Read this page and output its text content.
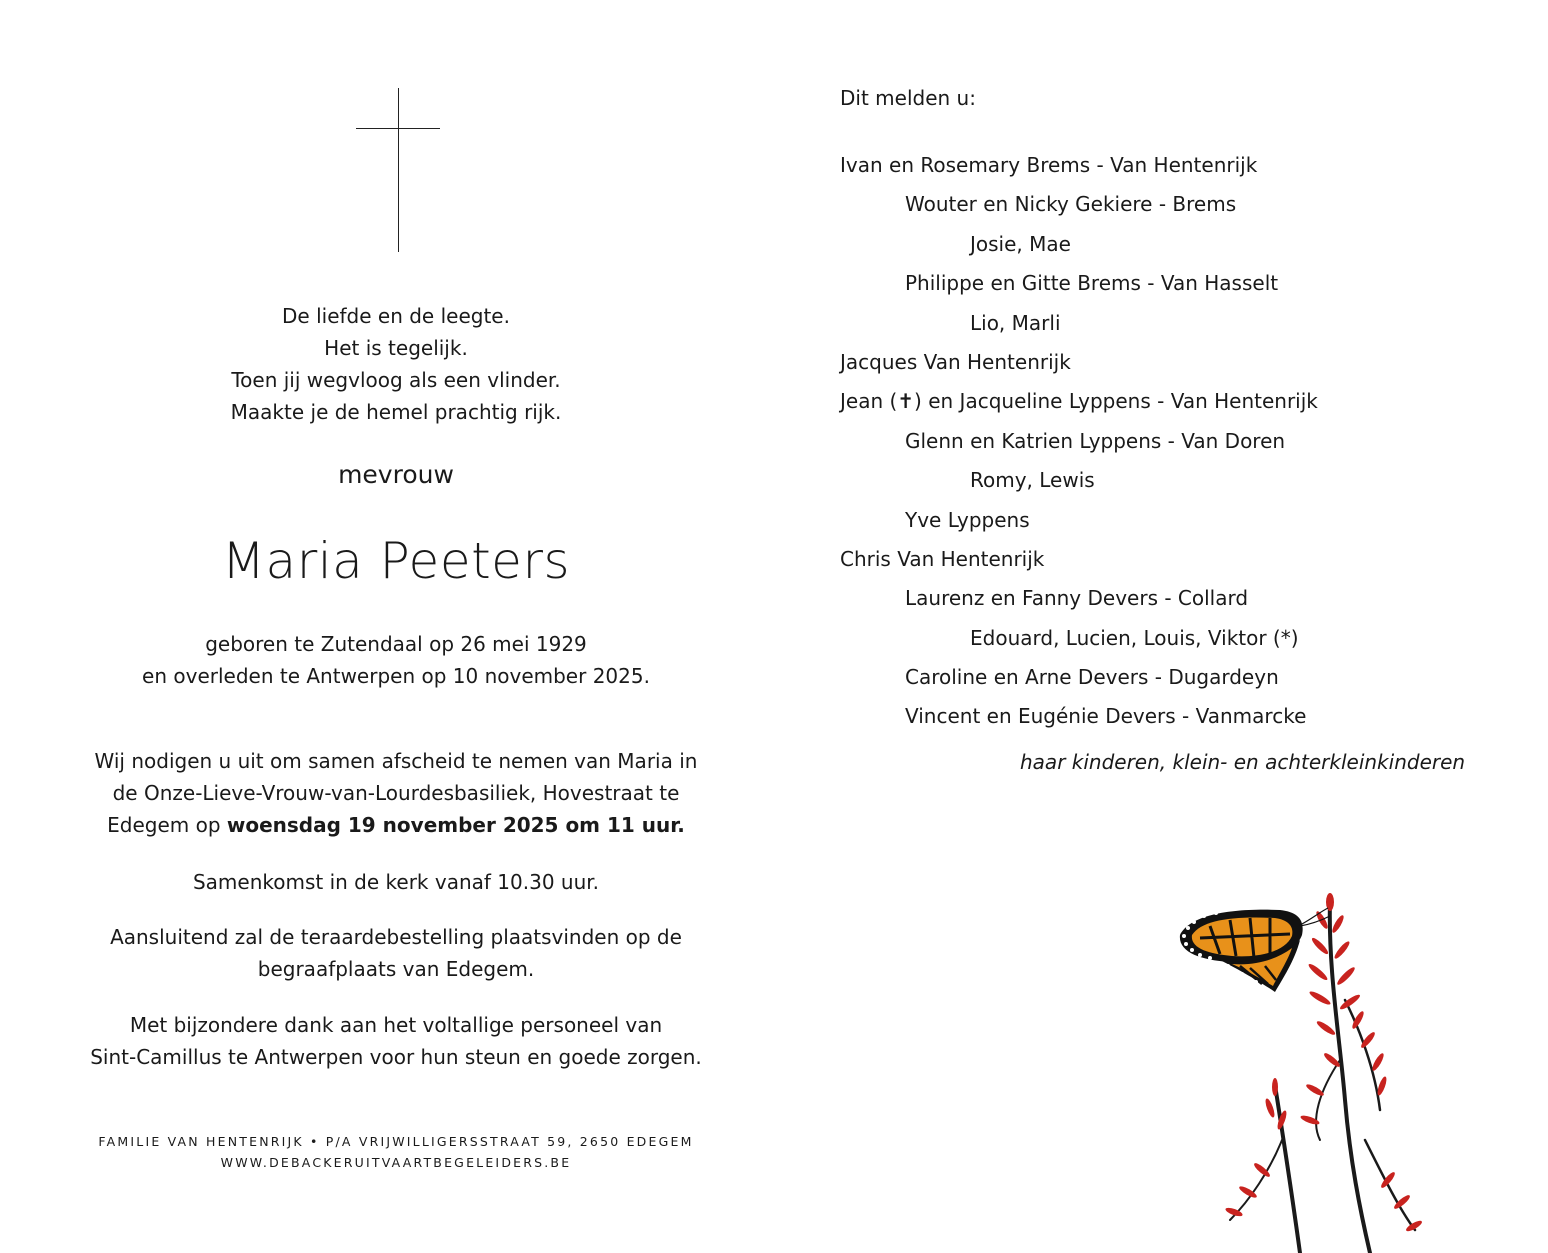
De liefde en de leegte.
Het is tegelijk.
Toen jij wegvloog als een vlinder.
Maakte je de hemel prachtig rijk.
mevrouw
Maria Peeters
geboren te Zutendaal op 26 mei 1929
en overleden te Antwerpen op 10 november 2025.
Wij nodigen u uit om samen afscheid te nemen van Maria in
de Onze-Lieve-Vrouw-van-Lourdesbasiliek, Hovestraat te
Edegem op woensdag 19 november 2025 om 11 uur.
Samenkomst in de kerk vanaf 10.30 uur.
Aansluitend zal de teraardebestelling plaatsvinden op de
begraafplaats van Edegem.
Met bijzondere dank aan het voltallige personeel van
Sint-Camillus te Antwerpen voor hun steun en goede zorgen.
FAMILIE VAN HENTENRIJK • P/A VRIJWILLIGERSSTRAAT 59, 2650 EDEGEM
WWW.DEBACKERUITVAARTBEGELEIDERS.BE
Dit melden u:
Ivan en Rosemary Brems - Van Hentenrijk
Wouter en Nicky Gekiere - Brems
Josie, Mae
Philippe en Gitte Brems - Van Hasselt
Lio, Marli
Jacques Van Hentenrijk
Jean (✝) en Jacqueline Lyppens - Van Hentenrijk
Glenn en Katrien Lyppens - Van Doren
Romy, Lewis
Yve Lyppens
Chris Van Hentenrijk
Laurenz en Fanny Devers - Collard
Edouard, Lucien, Louis, Viktor (*)
Caroline en Arne Devers - Dugardeyn
Vincent en Eugénie Devers - Vanmarcke
haar kinderen, klein- en achterkleinkinderen
